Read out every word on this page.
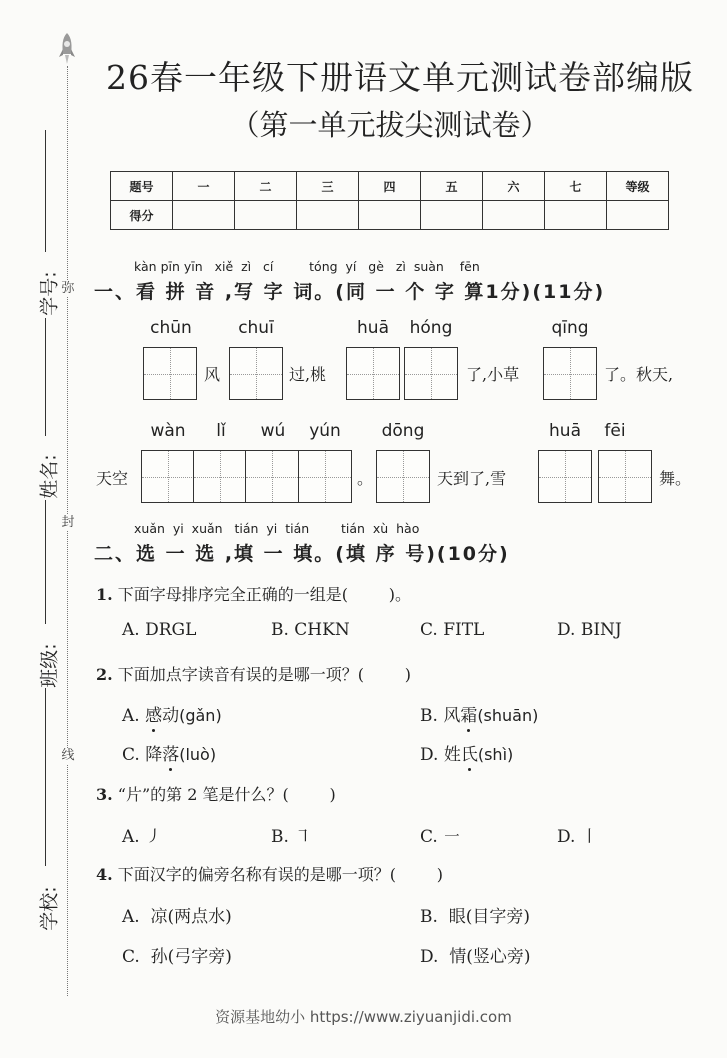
弥
封
线
学号:
姓名:
班级:
学校:
26春一年级下册语文单元测试卷部编版
（第一单元拔尖测试卷）
题号	一	二	三	四	五	六	七	等级
得分								
kàn pīn yīn   xiě  zì   cí         tóng  yí   gè   zì  suàn    fēn
一、看 拼 音 ,写 字 词。(同 一 个 字 算1分)(11分)
chūn	chuī	huā	hóng	qīng
风	过,桃	了,小草	了。秋天,
wàn	lǐ	wú	yún	dōng	huā	fēi
天空	。	天到了,雪	舞。
xuǎn  yi  xuǎn   tián  yi  tián        tián  xù  hào
二、选 一 选 ,填 一 填。(填 序 号)(10分)
1. 下面字母排序完全正确的一组是(        )。
A. DRGL	B. CHKN	C. FITL	D. BINJ
2. 下面加点字读音有误的是哪一项？(        )
A. 感动(gǎn)	B. 风霜(shuān)
C. 降落(luò)	D. 姓氏(shì)
3. “片”的第 2 笔是什么？(        )
A. ㇓	B. ㇕	C. ㇐	D. ㇑
4. 下面汉字的偏旁名称有误的是哪一项？(        )
A.  凉(两点水)	B.  眼(目字旁)
C.  孙(弓字旁)	D.  情(竖心旁)
资源基地幼小 https://www.ziyuanjidi.com
